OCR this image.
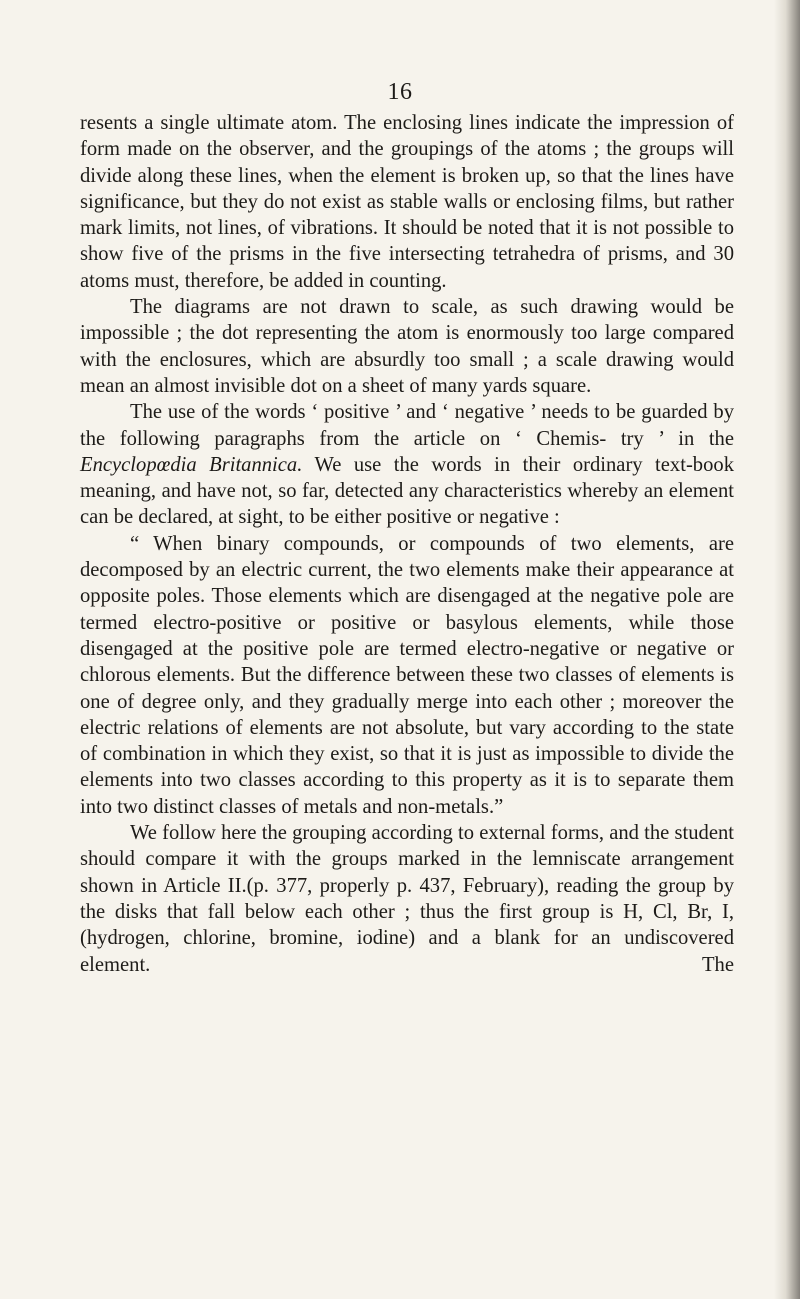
16

resents a single ultimate atom. The enclosing lines indicate the impression of form made on the observer, and the groupings of the atoms ; the groups will divide along these lines, when the element is broken up, so that the lines have significance, but they do not exist as stable walls or enclosing films, but rather mark limits, not lines, of vibrations. It should be noted that it is not possible to show five of the prisms in the five intersecting tetrahedra of prisms, and 30 atoms must, therefore, be added in counting.

The diagrams are not drawn to scale, as such drawing would be impossible ; the dot representing the atom is enormously too large compared with the enclosures, which are absurdly too small ; a scale drawing would mean an almost invisible dot on a sheet of many yards square.

The use of the words ‘ positive ’ and ‘ negative ’ needs to be guarded by the following paragraphs from the article on ‘ Chemis- try ’ in the Encyclopœdia Britannica. We use the words in their ordinary text-book meaning, and have not, so far, detected any characteristics whereby an element can be declared, at sight, to be either positive or negative :

“ When binary compounds, or compounds of two elements, are decomposed by an electric current, the two elements make their appearance at opposite poles. Those elements which are disengaged at the negative pole are termed electro-positive or positive or basylous elements, while those disengaged at the positive pole are termed electro-negative or negative or chlorous elements. But the difference between these two classes of elements is one of degree only, and they gradually merge into each other ; moreover the electric relations of elements are not absolute, but vary according to the state of combination in which they exist, so that it is just as impossible to divide the elements into two classes according to this property as it is to separate them into two distinct classes of metals and non-metals.”

We follow here the grouping according to external forms, and the student should compare it with the groups marked in the lemniscate arrangement shown in Article II.(p. 377, properly p. 437, February), reading the group by the disks that fall below each other ; thus the first group is H, Cl, Br, I, (hydrogen, chlorine, bromine, iodine) and a blank for an undiscovered element. The
